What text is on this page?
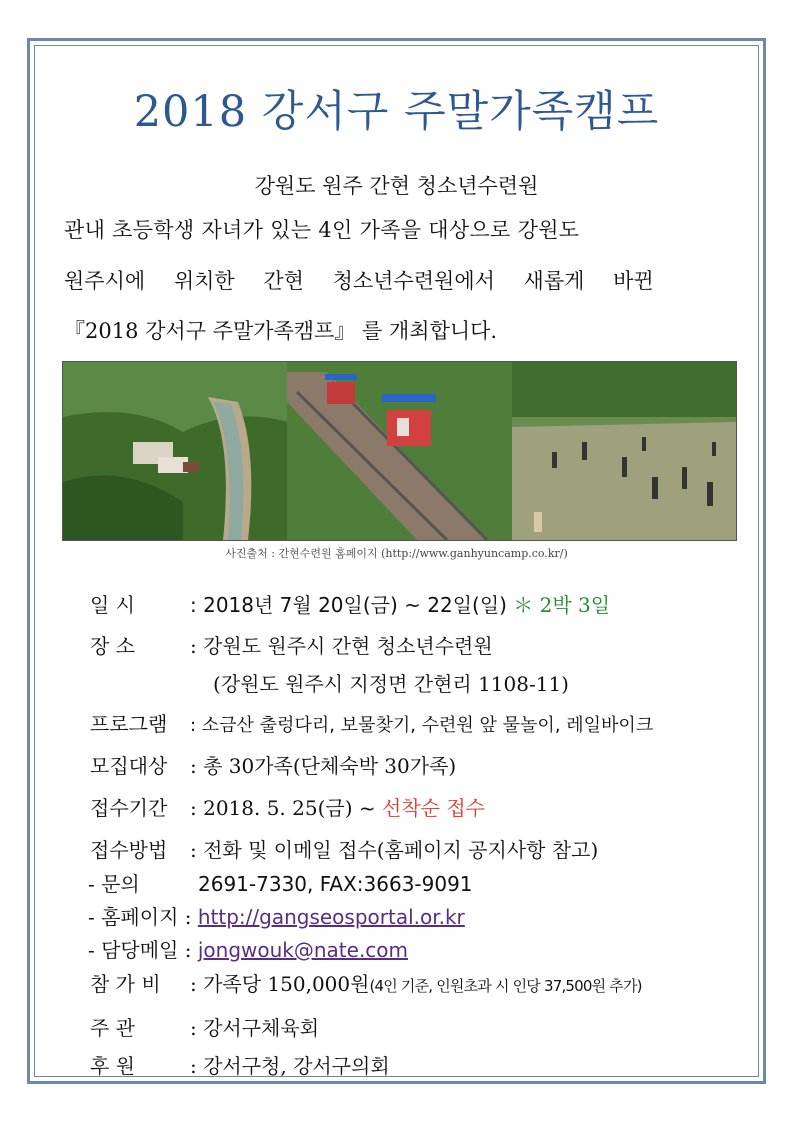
2018 강서구 주말가족캠프
강원도 원주 간현 청소년수련원
관내 초등학생 자녀가 있는 4인 가족을 대상으로 강원도
원주시에 위치한 간현 청소년수련원에서 새롭게 바뀐
『2018 강서구 주말가족캠프』 를 개최합니다.
사진출처 : 간현수련원 홈페이지 (http://www.ganhyuncamp.co.kr/)
일 시	: 2018년 7월 20일(금) ~ 22일(일) ＊ 2박 3일
장 소	: 강원도 원주시 간현 청소년수련원
(강원도 원주시 지정면 간현리 1108-11)
프로그램 : 소금산 출렁다리, 보물찾기, 수련원 앞 물놀이, 레일바이크
모집대상 : 총 30가족(단체숙박 30가족)
접수기간 : 2018. 5. 25(금) ~ 선착순 접수
접수방법 : 전화 및 이메일 접수(홈페이지 공지사항 참고)
- 문의	2691-7330, FAX:3663-9091
- 홈페이지 : http://gangseosportal.or.kr
- 담당메일 : jongwouk@nate.com
참 가 비 : 가족당 150,000원(4인 기준, 인원초과 시 인당 37,500원 추가)
주 관	: 강서구체육회
후 원	: 강서구청, 강서구의회
